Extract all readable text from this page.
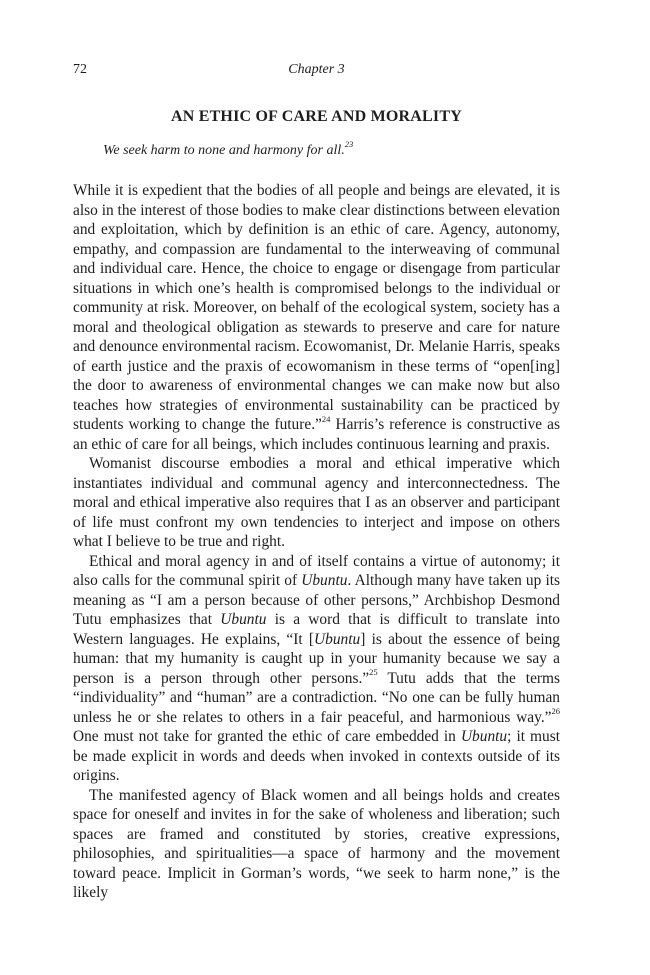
72	Chapter 3
AN ETHIC OF CARE AND MORALITY
We seek harm to none and harmony for all.$^{23}$

While it is expedient that the bodies of all people and beings are elevated, it is also in the interest of those bodies to make clear distinctions between elevation and exploitation, which by definition is an ethic of care. Agency, autonomy, empathy, and compassion are fundamental to the interweaving of communal and individual care. Hence, the choice to engage or disengage from particular situations in which one’s health is compromised belongs to the individual or community at risk. Moreover, on behalf of the ecological system, society has a moral and theological obligation as stewards to preserve and care for nature and denounce environmental racism. Ecowomanist, Dr. Melanie Harris, speaks of earth justice and the praxis of ecowomanism in these terms of “open[ing] the door to awareness of environmental changes we can make now but also teaches how strategies of environmental sustainability can be practiced by students working to change the future.”$^{24}$ Harris’s reference is constructive as an ethic of care for all beings, which includes continuous learning and praxis.

Womanist discourse embodies a moral and ethical imperative which instantiates individual and communal agency and interconnectedness. The moral and ethical imperative also requires that I as an observer and participant of life must confront my own tendencies to interject and impose on others what I believe to be true and right.

Ethical and moral agency in and of itself contains a virtue of autonomy; it also calls for the communal spirit of Ubuntu. Although many have taken up its meaning as “I am a person because of other persons,” Archbishop Desmond Tutu emphasizes that Ubuntu is a word that is difficult to translate into Western languages. He explains, “It [Ubuntu] is about the essence of being human: that my humanity is caught up in your humanity because we say a person is a person through other persons.”$^{25}$ Tutu adds that the terms “individuality” and “human” are a contradiction. “No one can be fully human unless he or she relates to others in a fair peaceful, and harmonious way.”$^{26}$ One must not take for granted the ethic of care embedded in Ubuntu; it must be made explicit in words and deeds when invoked in contexts outside of its origins.

The manifested agency of Black women and all beings holds and creates space for oneself and invites in for the sake of wholeness and liberation; such spaces are framed and constituted by stories, creative expressions, philosophies, and spiritualities—a space of harmony and the movement toward peace. Implicit in Gorman’s words, “we seek to harm none,” is the likely
